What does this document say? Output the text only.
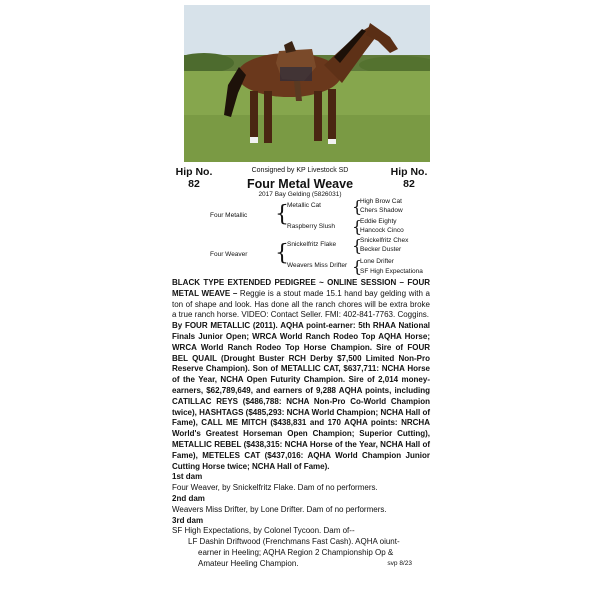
Hip No.
82
Hip No.
82
Consigned by KP Livestock SD
Four Metal Weave
2017 Bay Gelding (5826031)
Four Metallic {
Metallic Cat
Raspberry Slush
{
High Brow Cat
Chers Shadow
{
Eddie Eighty
Hancock Cinco
Four Weaver {
Snickelfritz Flake
Weavers Miss Drifter
{
Snickelfritz Chex
Becker Duster
{
Lone Drifter
SF High Expectationa

BLACK TYPE EXTENDED PEDIGREE ~ ONLINE SESSION – FOUR METAL WEAVE – Reggie is a stout made 15.1 hand bay gelding with a ton of shape and look. Has done all the ranch chores will be extra broke a true ranch horse. VIDEO: Contact Seller. FMI: 402-841-7763. Coggins.

By FOUR METALLIC (2011). AQHA point-earner: 5th RHAA National Finals Junior Open; WRCA World Ranch Rodeo Top AQHA Horse; WRCA World Ranch Rodeo Top Horse Champion. Sire of FOUR BEL QUAIL (Drought Buster RCH Derby $7,500 Limited Non-Pro Reserve Champion). Son of METALLIC CAT, $637,711: NCHA Horse of the Year, NCHA Open Futurity Champion. Sire of 2,014 money-earners, $62,789,649, and earners of 9,288 AQHA points, including CATILLAC REYS ($486,788: NCHA Non-Pro Co-World Champion twice), HASHTAGS ($485,293: NCHA World Champion; NCHA Hall of Fame), CALL ME MITCH ($438,831 and 170 AQHA points: NRCHA World's Greatest Horseman Open Champion; Superior Cutting), METALLIC REBEL ($438,315: NCHA Horse of the Year, NCHA Hall of Fame), METELES CAT ($437,016: AQHA World Champion Junior Cutting Horse twice; NCHA Hall of Fame).

1st dam

Four Weaver, by Snickelfritz Flake. Dam of no performers.

2nd dam

Weavers Miss Drifter, by Lone Drifter. Dam of no performers.

3rd dam

SF High Expectations, by Colonel Tycoon. Dam of--

LF Dashin Driftwood (Frenchmans Fast Cash). AQHA oiunt-

earner in Heeling; AQHA Region 2 Championship Op &

Amateur Heeling Champion.	svp 8/23
